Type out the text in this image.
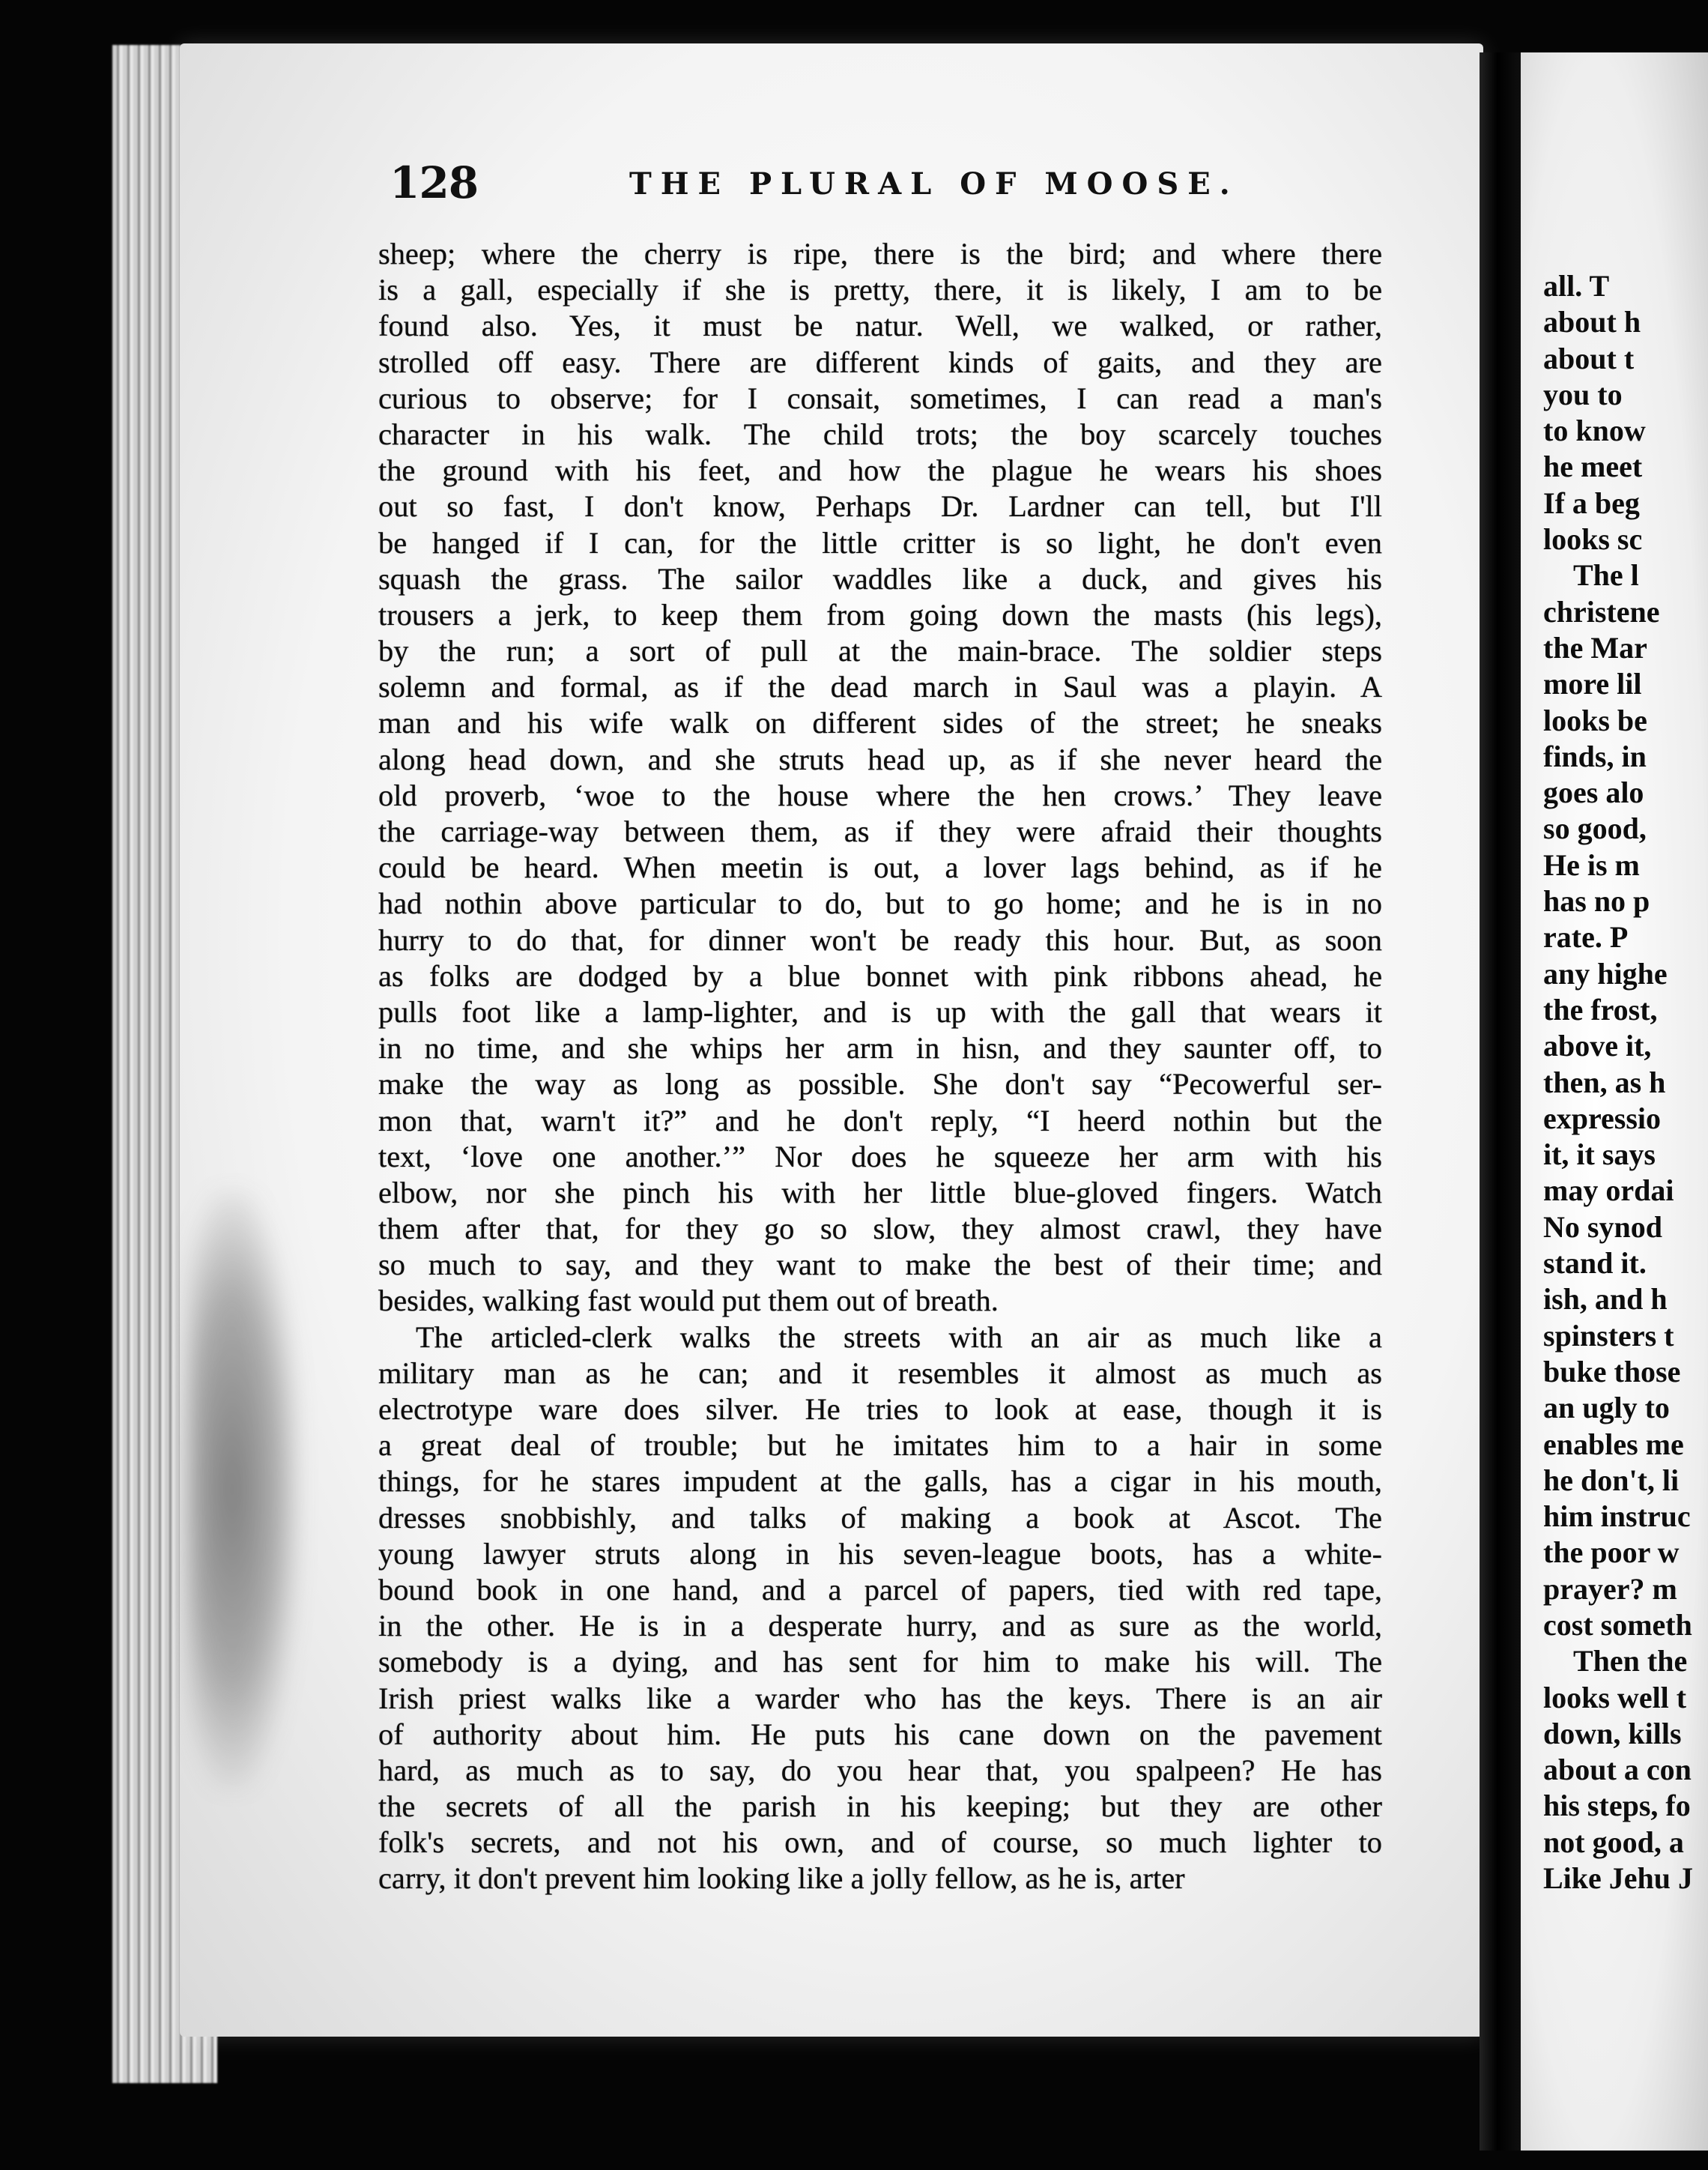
all. T
about h
about t
you to
to know
he meet
If a beg
looks sc
The l
christene
the Mar
more lil
looks be
finds, in
goes alo
so good,
He is m
has no p
rate. P
any highe
the frost,
above it,
then, as h
expressio
it, it says
may ordai
No synod
stand it.
ish, and h
spinsters t
buke those
an ugly to
enables me
he don't, li
him instruc
the poor w
prayer? m
cost someth
Then the
looks well t
down, kills
about a con
his steps, fo
not good, a
Like Jehu J
128	THE PLURAL OF MOOSE.
sheep; where the cherry is ripe, there is the bird; and where there
is a gall, especially if she is pretty, there, it is likely, I am to be
found also. Yes, it must be natur. Well, we walked, or rather,
strolled off easy. There are different kinds of gaits, and they are
curious to observe; for I consait, sometimes, I can read a man's
character in his walk. The child trots; the boy scarcely touches
the ground with his feet, and how the plague he wears his shoes
out so fast, I don't know, Perhaps Dr. Lardner can tell, but I'll
be hanged if I can, for the little critter is so light, he don't even
squash the grass. The sailor waddles like a duck, and gives his
trousers a jerk, to keep them from going down the masts (his legs),
by the run; a sort of pull at the main-brace. The soldier steps
solemn and formal, as if the dead march in Saul was a playin. A
man and his wife walk on different sides of the street; he sneaks
along head down, and she struts head up, as if she never heard the
old proverb, ‘woe to the house where the hen crows.’ They leave
the carriage-way between them, as if they were afraid their thoughts
could be heard. When meetin is out, a lover lags behind, as if he
had nothin above particular to do, but to go home; and he is in no
hurry to do that, for dinner won't be ready this hour. But, as soon
as folks are dodged by a blue bonnet with pink ribbons ahead, he
pulls foot like a lamp-lighter, and is up with the gall that wears it
in no time, and she whips her arm in hisn, and they saunter off, to
make the way as long as possible. She don't say “Pecowerful ser-
mon that, warn't it?” and he don't reply, “I heerd nothin but the
text, ‘love one another.’” Nor does he squeeze her arm with his
elbow, nor she pinch his with her little blue-gloved fingers. Watch
them after that, for they go so slow, they almost crawl, they have
so much to say, and they want to make the best of their time; and
besides, walking fast would put them out of breath.
The articled-clerk walks the streets with an air as much like a
military man as he can; and it resembles it almost as much as
electrotype ware does silver. He tries to look at ease, though it is
a great deal of trouble; but he imitates him to a hair in some
things, for he stares impudent at the galls, has a cigar in his mouth,
dresses snobbishly, and talks of making a book at Ascot. The
young lawyer struts along in his seven-league boots, has a white-
bound book in one hand, and a parcel of papers, tied with red tape,
in the other. He is in a desperate hurry, and as sure as the world,
somebody is a dying, and has sent for him to make his will. The
Irish priest walks like a warder who has the keys. There is an air
of authority about him. He puts his cane down on the pavement
hard, as much as to say, do you hear that, you spalpeen? He has
the secrets of all the parish in his keeping; but they are other
folk's secrets, and not his own, and of course, so much lighter to
carry, it don't prevent him looking like a jolly fellow, as he is, arter
